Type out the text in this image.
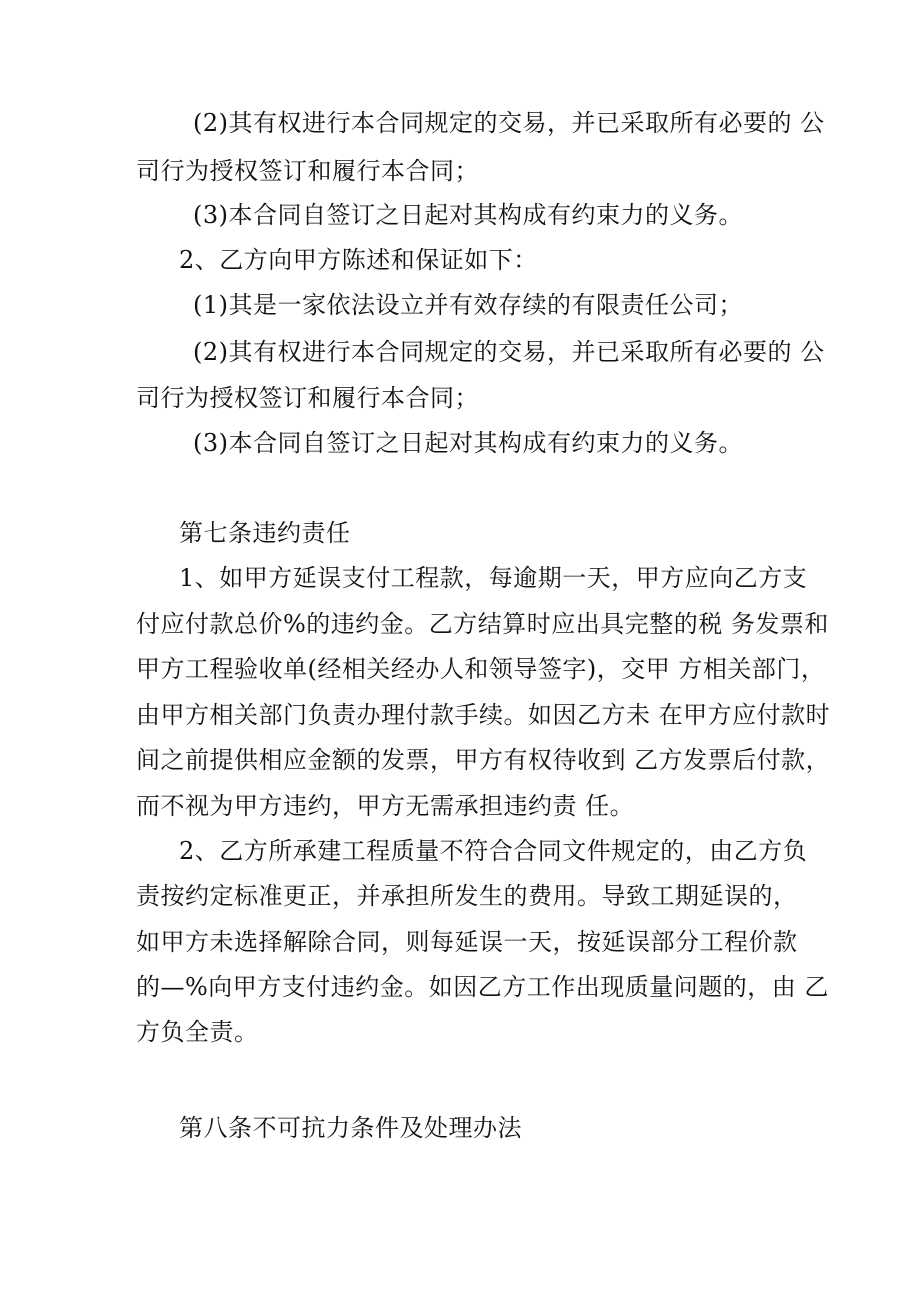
(2)其有权进行本合同规定的交易，并已采取所有必要的 公
司行为授权签订和履行本合同；
(3)本合同自签订之日起对其构成有约束力的义务。
2、乙方向甲方陈述和保证如下：
(1)其是一家依法设立并有效存续的有限责任公司；
(2)其有权进行本合同规定的交易，并已采取所有必要的 公
司行为授权签订和履行本合同；
(3)本合同自签订之日起对其构成有约束力的义务。
第七条违约责任
1、如甲方延误支付工程款，每逾期一天，甲方应向乙方支
付应付款总价%的违约金。乙方结算时应出具完整的税 务发票和
甲方工程验收单(经相关经办人和领导签字)，交甲 方相关部门，
由甲方相关部门负责办理付款手续。如因乙方未 在甲方应付款时
间之前提供相应金额的发票，甲方有权待收到 乙方发票后付款，
而不视为甲方违约，甲方无需承担违约责 任。
2、乙方所承建工程质量不符合合同文件规定的，由乙方负
责按约定标准更正，并承担所发生的费用。导致工期延误的，
如甲方未选择解除合同，则每延误一天，按延误部分工程价款
的—%向甲方支付违约金。如因乙方工作出现质量问题的，由 乙
方负全责。
第八条不可抗力条件及处理办法
